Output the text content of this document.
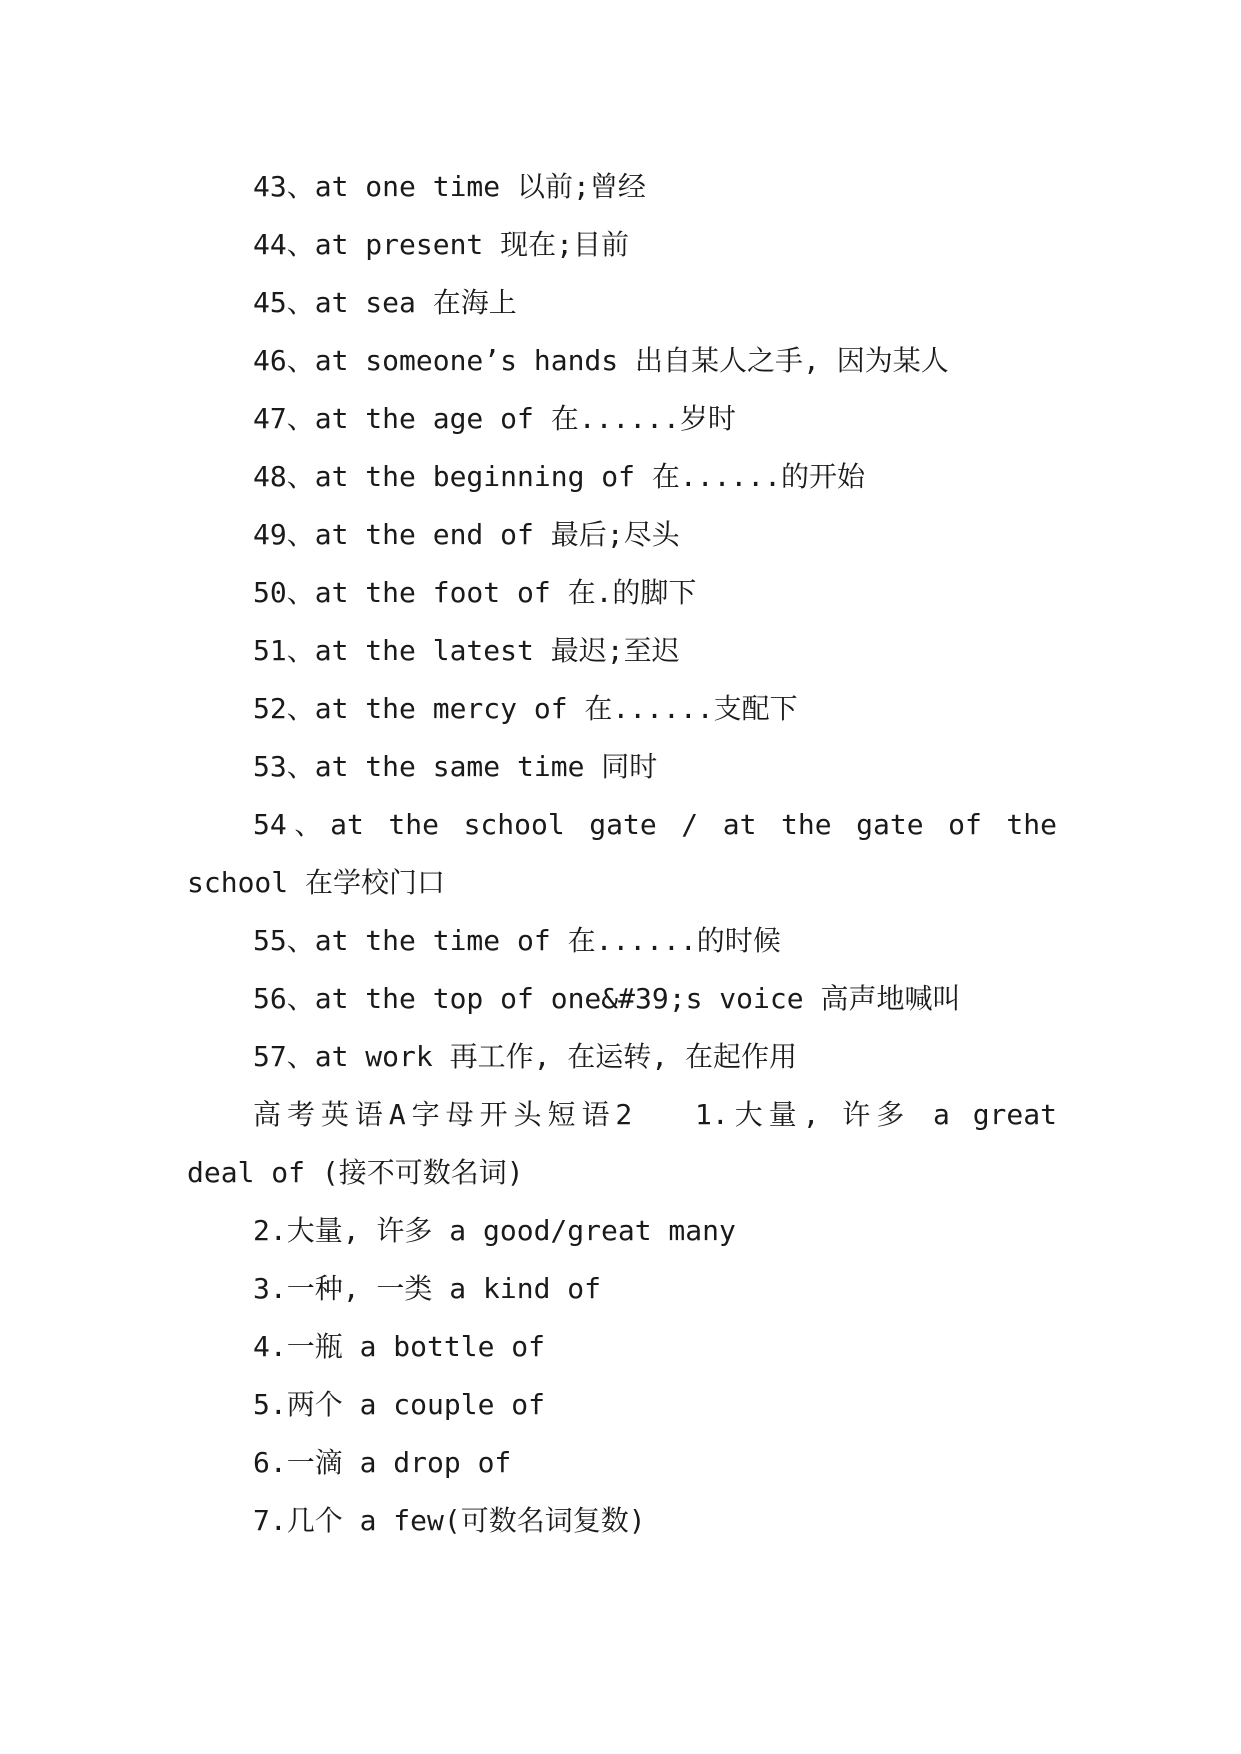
43、at one time 以前;曾经
44、at present 现在;目前
45、at sea 在海上
46、at someone’s hands 出自某人之手, 因为某人
47、at the age of 在......岁时
48、at the beginning of 在......的开始
49、at the end of 最后;尽头
50、at the foot of 在.的脚下
51、at the latest 最迟;至迟
52、at the mercy of 在......支配下
53、at the same time 同时
54、at the school gate / at the gate of the
school 在学校门口
55、at the time of 在......的时候
56、at the top of one&#39;s voice 高声地喊叫
57、at work 再工作, 在运转, 在起作用
高考英语A字母开头短语2　 1.大量, 许多 a great
deal of (接不可数名词)
2.大量, 许多 a good/great many
3.一种, 一类 a kind of
4.一瓶 a bottle of
5.两个 a couple of
6.一滴 a drop of
7.几个 a few(可数名词复数)
